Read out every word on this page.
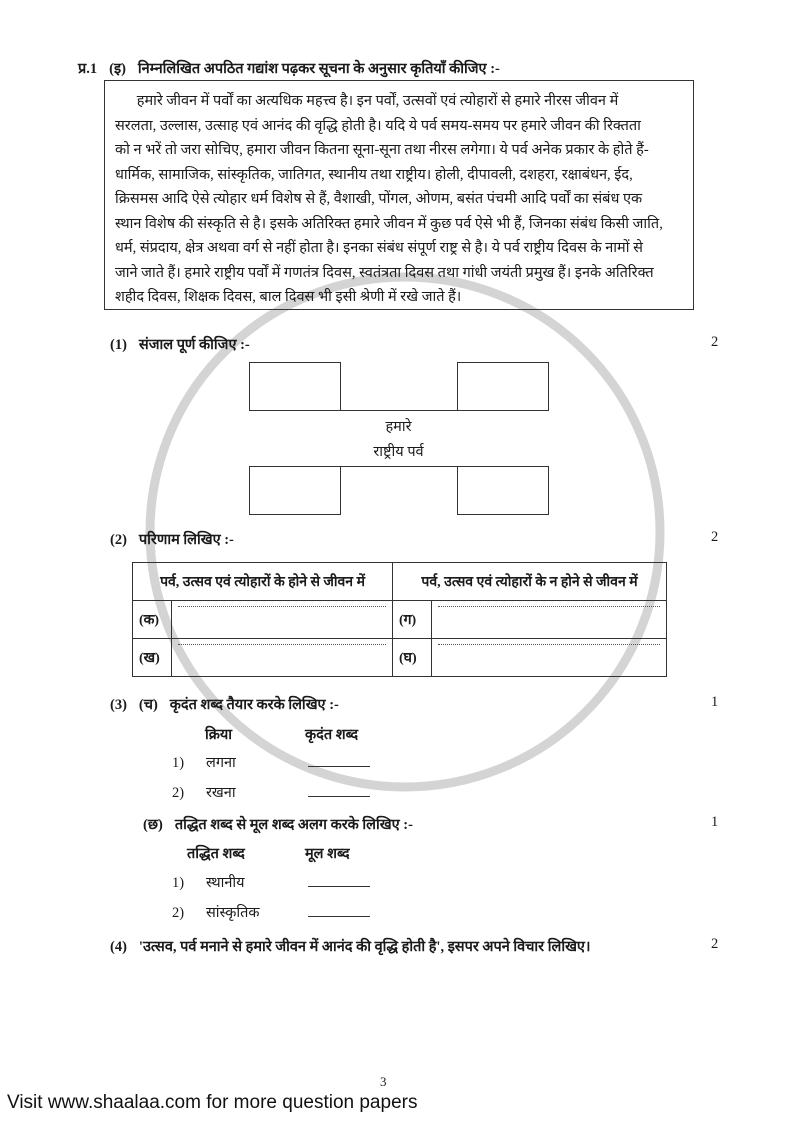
प्र.1 (इ) निम्नलिखित अपठित गद्यांश पढ़कर सूचना के अनुसार कृतियाँ कीजिए :-
हमारे जीवन में पर्वों का अत्यधिक महत्त्व है। इन पर्वों, उत्सवों एवं त्योहारों से हमारे नीरस जीवन में
सरलता, उल्लास, उत्साह एवं आनंद की वृद्धि होती है। यदि ये पर्व समय-समय पर हमारे जीवन की रिक्तता
को न भरें तो जरा सोचिए, हमारा जीवन कितना सूना-सूना तथा नीरस लगेगा। ये पर्व अनेक प्रकार के होते हैं-
धार्मिक, सामाजिक, सांस्कृतिक, जातिगत, स्थानीय तथा राष्ट्रीय। होली, दीपावली, दशहरा, रक्षाबंधन, ईद,
क्रिसमस आदि ऐसे त्योहार धर्म विशेष से हैं, वैशाखी, पोंगल, ओणम, बसंत पंचमी आदि पर्वों का संबंध एक
स्थान विशेष की संस्कृति से है। इसके अतिरिक्त हमारे जीवन में कुछ पर्व ऐसे भी हैं, जिनका संबंध किसी जाति,
धर्म, संप्रदाय, क्षेत्र अथवा वर्ग से नहीं होता है। इनका संबंध संपूर्ण राष्ट्र से है। ये पर्व राष्ट्रीय दिवस के नामों से
जाने जाते हैं। हमारे राष्ट्रीय पर्वों में गणतंत्र दिवस, स्वतंत्रता दिवस तथा गांधी जयंती प्रमुख हैं। इनके अतिरिक्त
शहीद दिवस, शिक्षक दिवस, बाल दिवस भी इसी श्रेणी में रखे जाते हैं।
(1) संजाल पूर्ण कीजिए :-	2
हमारे
राष्ट्रीय पर्व
(2) परिणाम लिखिए :-	2
पर्व, उत्सव एवं त्योहारों के होने से जीवन में		पर्व, उत्सव एवं त्योहारों के न होने से जीवन में	
(क)		(ग)	

(ख)		(घ)	
(3) (च) कृदंत शब्द तैयार करके लिखिए :-	1
क्रिया	कृदंत शब्द
1)	लगना
2)	रखना
(छ) तद्धित शब्द से मूल शब्द अलग करके लिखिए :-	1
तद्धित शब्द	मूल शब्द
1)	स्थानीय
2)	सांस्कृतिक
(4) 'उत्सव, पर्व मनाने से हमारे जीवन में आनंद की वृद्धि होती है', इसपर अपने विचार लिखिए।	2
3
Visit www.shaalaa.com for more question papers
